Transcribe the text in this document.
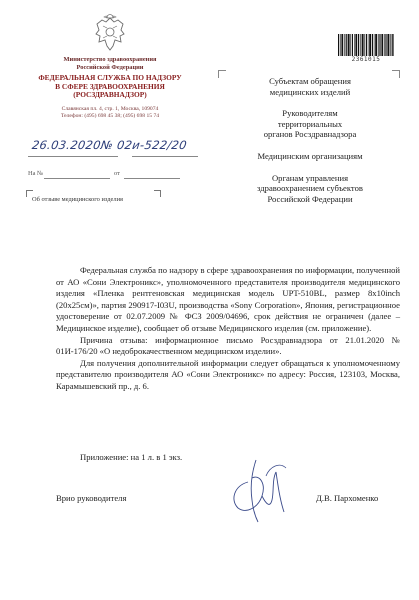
Министерство здравоохранения
Российской Федерации
ФЕДЕРАЛЬНАЯ СЛУЖБА ПО НАДЗОРУ
В СФЕРЕ ЗДРАВООХРАНЕНИЯ
(РОСЗДРАВНАДЗОР)
Славянская пл. 4, стр. 1, Москва, 109074
Телефон: (495) 698 45 38; (495) 698 15 74
26.03.2020№ 02и-522/20
На №	от
Об отзыве медицинского изделия
2361015
Субъектам обращения
медицинских изделий
Руководителям
территориальных
органов Росздравнадзора
Медицинским организациям
Органам управления
здравоохранением субъектов
Российской Федерации

Федеральная служба по надзору в сфере здравоохранения по информации, полученной от АО «Сони Электроникс», уполномоченного представителя производителя медицинского изделия «Пленка рентгеновская медицинская модель UPT-510BL, размер 8x10inch (20x25см)», партия 290917-I03U, производства «Sony Corporation», Япония, регистрационное удостоверение от 02.07.2009 № ФСЗ 2009/04696, срок действия не ограничен (далее – Медицинское изделие), сообщает об отзыве Медицинского изделия (см. приложение).

Причина отзыва: информационное письмо Росздравнадзора от 21.01.2020 № 01И-176/20 «О недоброкачественном медицинском изделии».

Для получения дополнительной информации следует обращаться к уполномоченному представителю производителя АО «Сони Электроникс» по адресу: Россия, 123103, Москва, Карамышевский пр., д. 6.

Приложение: на 1 л. в 1 экз.
Врио руководителя	Д.В. Пархоменко
